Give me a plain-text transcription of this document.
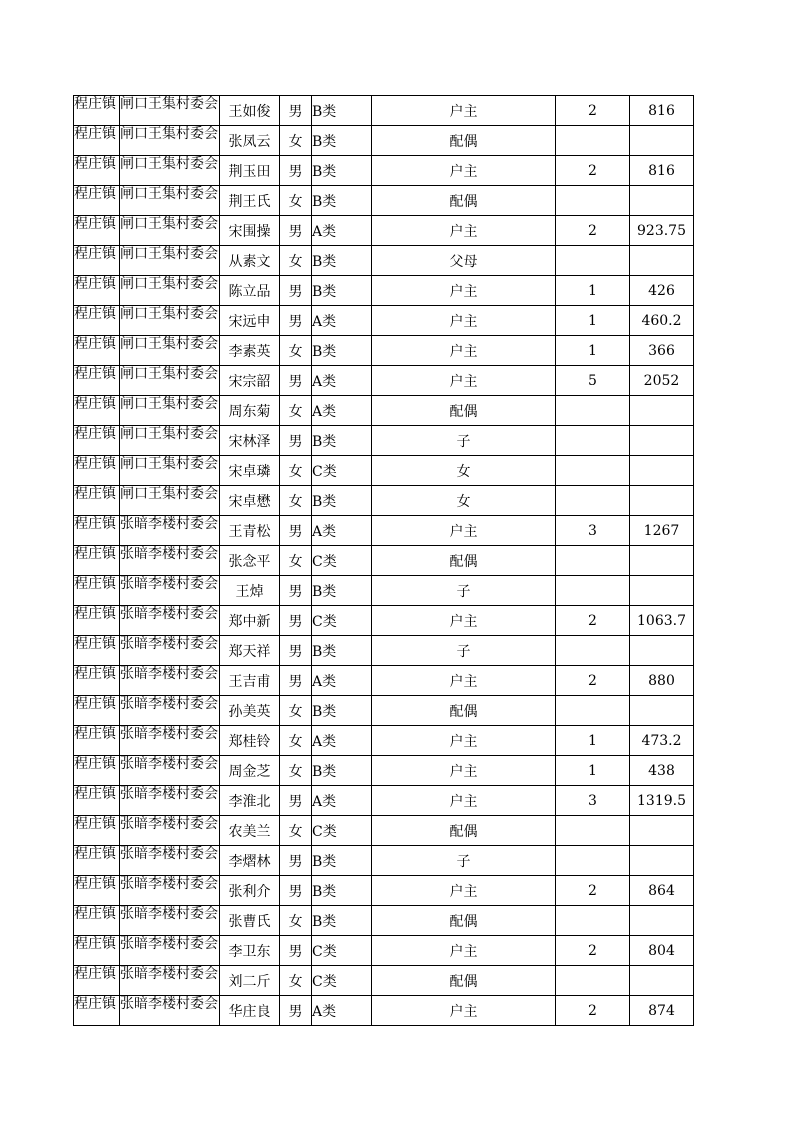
程庄镇	闸口王集村委会	王如俊	男	B类	户主	2	816

程庄镇	闸口王集村委会	张凤云	女	B类	配偶		

程庄镇	闸口王集村委会	荆玉田	男	B类	户主	2	816

程庄镇	闸口王集村委会	荆王氏	女	B类	配偶		

程庄镇	闸口王集村委会	宋围操	男	A类	户主	2	923.75

程庄镇	闸口王集村委会	从素文	女	B类	父母		

程庄镇	闸口王集村委会	陈立品	男	B类	户主	1	426

程庄镇	闸口王集村委会	宋远申	男	A类	户主	1	460.2

程庄镇	闸口王集村委会	李素英	女	B类	户主	1	366

程庄镇	闸口王集村委会	宋宗韶	男	A类	户主	5	2052

程庄镇	闸口王集村委会	周东菊	女	A类	配偶		

程庄镇	闸口王集村委会	宋林泽	男	B类	子		

程庄镇	闸口王集村委会	宋卓璘	女	C类	女		

程庄镇	闸口王集村委会	宋卓懋	女	B类	女		

程庄镇	张暗李楼村委会	王青松	男	A类	户主	3	1267

程庄镇	张暗李楼村委会	张念平	女	C类	配偶		

程庄镇	张暗李楼村委会	王焯	男	B类	子		

程庄镇	张暗李楼村委会	郑中新	男	C类	户主	2	1063.7

程庄镇	张暗李楼村委会	郑天祥	男	B类	子		

程庄镇	张暗李楼村委会	王吉甫	男	A类	户主	2	880

程庄镇	张暗李楼村委会	孙美英	女	B类	配偶		

程庄镇	张暗李楼村委会	郑桂铃	女	A类	户主	1	473.2

程庄镇	张暗李楼村委会	周金芝	女	B类	户主	1	438

程庄镇	张暗李楼村委会	李淮北	男	A类	户主	3	1319.5

程庄镇	张暗李楼村委会	农美兰	女	C类	配偶		

程庄镇	张暗李楼村委会	李熠林	男	B类	子		

程庄镇	张暗李楼村委会	张利介	男	B类	户主	2	864

程庄镇	张暗李楼村委会	张曹氏	女	B类	配偶		

程庄镇	张暗李楼村委会	李卫东	男	C类	户主	2	804

程庄镇	张暗李楼村委会	刘二斤	女	C类	配偶		

程庄镇	张暗李楼村委会	华庄良	男	A类	户主	2	874
